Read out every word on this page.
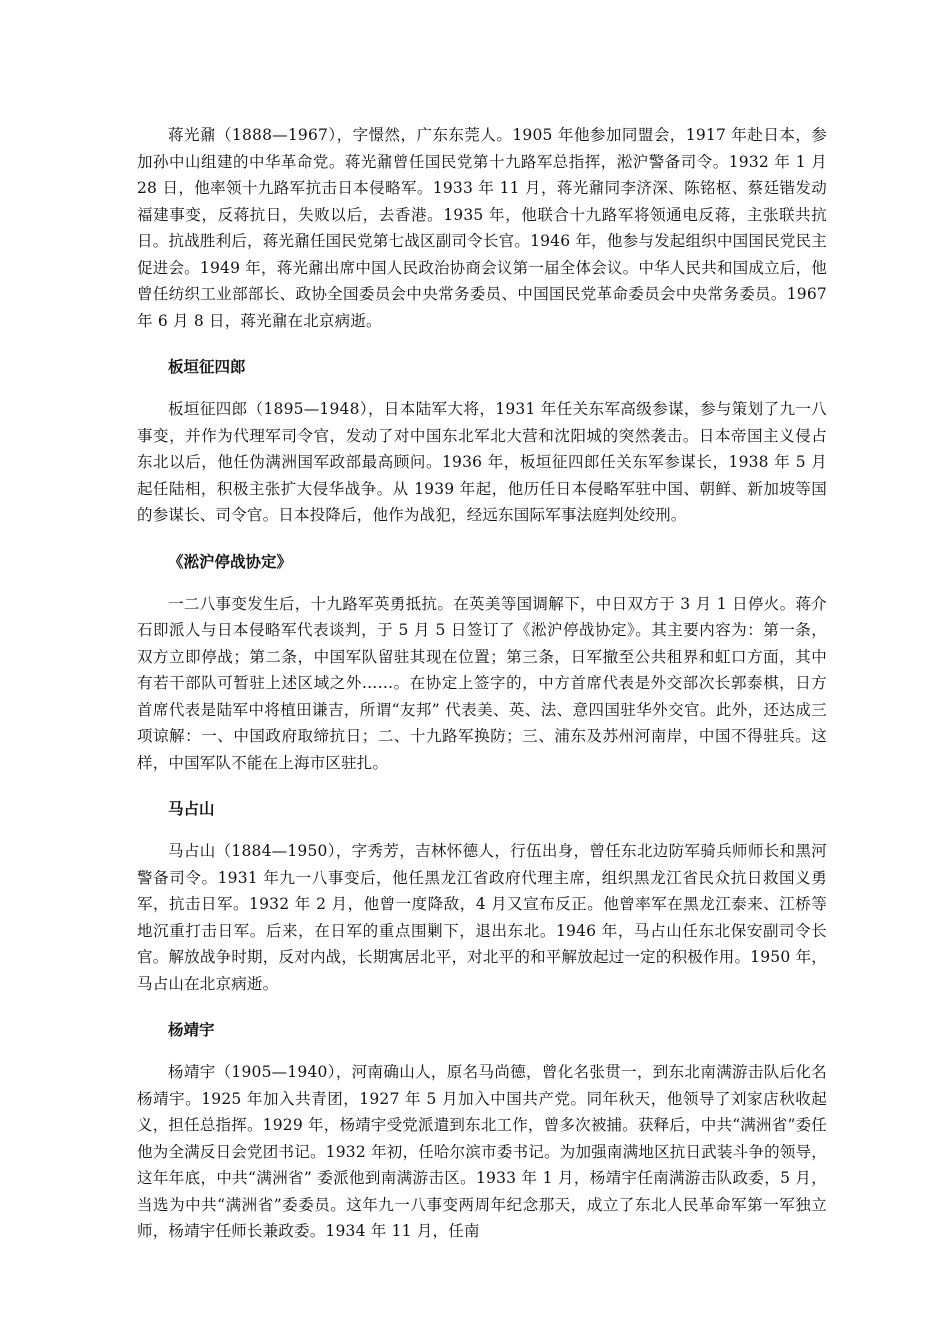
蒋光鼐（1888—1967），字憬然，广东东莞人。1905 年他参加同盟会，1917 年赴日本，参加孙中山组建的中华革命党。蒋光鼐曾任国民党第十九路军总指挥，淞沪警备司令。1932 年 1 月 28 日，他率领十九路军抗击日本侵略军。1933 年 11 月，蒋光鼐同李济深、陈铭枢、蔡廷锴发动福建事变，反蒋抗日，失败以后，去香港。1935 年，他联合十九路军将领通电反蒋，主张联共抗日。抗战胜利后，蒋光鼐任国民党第七战区副司令长官。1946 年，他参与发起组织中国国民党民主促进会。1949 年，蒋光鼐出席中国人民政治协商会议第一届全体会议。中华人民共和国成立后，他曾任纺织工业部部长、政协全国委员会中央常务委员、中国国民党革命委员会中央常务委员。1967 年 6 月 8 日，蒋光鼐在北京病逝。

板垣征四郎

板垣征四郎（1895—1948），日本陆军大将，1931 年任关东军高级参谋，参与策划了九一八事变，并作为代理军司令官，发动了对中国东北军北大营和沈阳城的突然袭击。日本帝国主义侵占东北以后，他任伪满洲国军政部最高顾问。1936 年，板垣征四郎任关东军参谋长，1938 年 5 月起任陆相，积极主张扩大侵华战争。从 1939 年起，他历任日本侵略军驻中国、朝鲜、新加坡等国的参谋长、司令官。日本投降后，他作为战犯，经远东国际军事法庭判处绞刑。

《淞沪停战协定》

一二八事变发生后，十九路军英勇抵抗。在英美等国调解下，中日双方于 3 月 1 日停火。蒋介石即派人与日本侵略军代表谈判，于 5 月 5 日签订了《淞沪停战协定》。其主要内容为：第一条，双方立即停战；第二条，中国军队留驻其现在位置；第三条，日军撤至公共租界和虹口方面，其中有若干部队可暂驻上述区域之外……。在协定上签字的，中方首席代表是外交部次长郭泰棋，日方首席代表是陆军中将植田谦吉，所谓“友邦” 代表美、英、法、意四国驻华外交官。此外，还达成三项谅解：一、中国政府取缔抗日；二、十九路军换防；三、浦东及苏州河南岸，中国不得驻兵。这样，中国军队不能在上海市区驻扎。

马占山

马占山（1884—1950），字秀芳，吉林怀德人，行伍出身，曾任东北边防军骑兵师师长和黑河警备司令。1931 年九一八事变后，他任黑龙江省政府代理主席，组织黑龙江省民众抗日救国义勇军，抗击日军。1932 年 2 月，他曾一度降敌，4 月又宣布反正。他曾率军在黑龙江泰来、江桥等地沉重打击日军。后来，在日军的重点围剿下，退出东北。1946 年，马占山任东北保安副司令长官。解放战争时期，反对内战，长期寓居北平，对北平的和平解放起过一定的积极作用。1950 年，马占山在北京病逝。

杨靖宇

杨靖宇（1905—1940），河南确山人，原名马尚德，曾化名张贯一，到东北南满游击队后化名杨靖宇。1925 年加入共青团，1927 年 5 月加入中国共产党。同年秋天，他领导了刘家店秋收起义，担任总指挥。1929 年，杨靖宇受党派遣到东北工作，曾多次被捕。获释后，中共“满洲省”委任他为全满反日会党团书记。1932 年初，任哈尔滨市委书记。为加强南满地区抗日武装斗争的领导，这年年底，中共“满洲省” 委派他到南满游击区。1933 年 1 月，杨靖宇任南满游击队政委，5 月，当选为中共“满洲省”委委员。这年九一八事变两周年纪念那天，成立了东北人民革命军第一军独立师，杨靖宇任师长兼政委。1934 年 11 月，任南
